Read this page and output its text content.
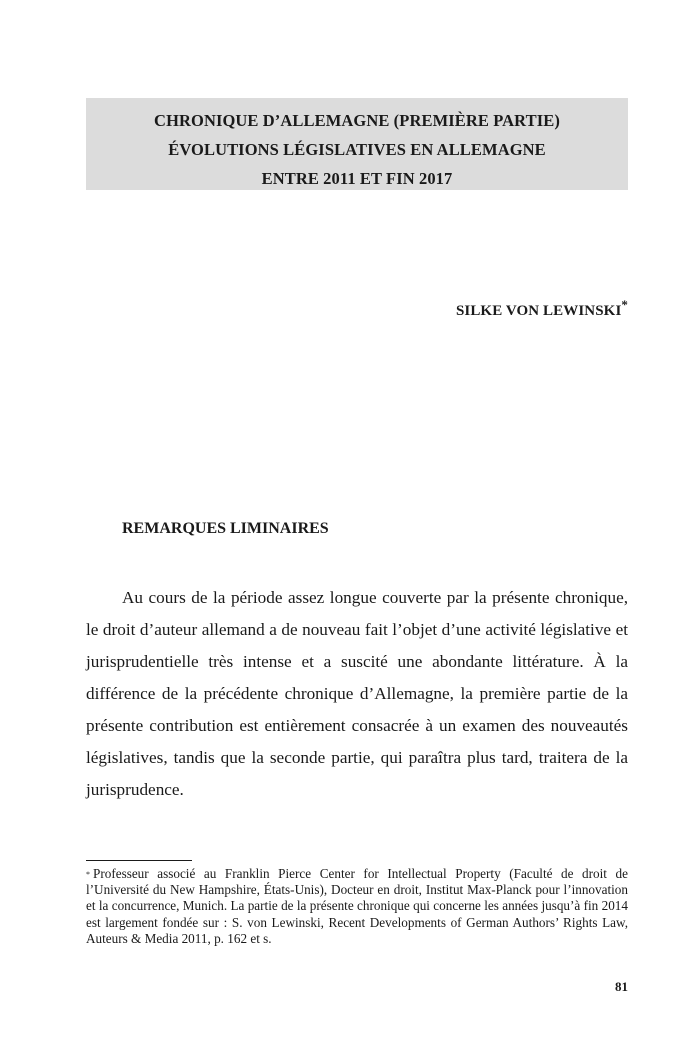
CHRONIQUE D’ALLEMAGNE (PREMIÈRE PARTIE)
ÉVOLUTIONS LÉGISLATIVES EN ALLEMAGNE
ENTRE 2011 ET FIN 2017
SILKE VON LEWINSKI*
REMARQUES LIMINAIRES

Au cours de la période assez longue couverte par la présente chronique, le droit d’auteur allemand a de nouveau fait l’objet d’une activité législative et jurisprudentielle très intense et a suscité une abondante littérature. À la différence de la précédente chronique d’Allemagne, la première partie de la présente contribution est entièrement consacrée à un examen des nouveautés législatives, tandis que la seconde partie, qui paraîtra plus tard, traitera de la jurisprudence.

* Professeur associé au Franklin Pierce Center for Intellectual Property (Faculté de droit de l’Université du New Hampshire, États-Unis), Docteur en droit, Institut Max-Planck pour l’innovation et la concurrence, Munich. La partie de la présente chronique qui concerne les années jusqu’à fin 2014 est largement fondée sur : S. von Lewinski, Recent Developments of German Authors’ Rights Law, Auteurs & Media 2011, p. 162 et s.

81
